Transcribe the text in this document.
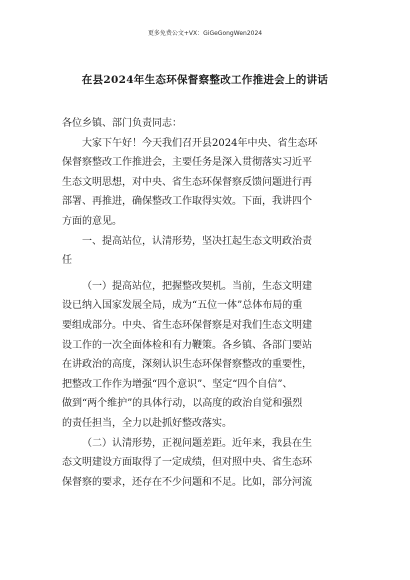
更多免费公文+VX：GiGeGongWen2024
在县2024年生态环保督察整改工作推进会上的讲话
各位乡镇、部门负责同志：
大家下午好！今天我们召开县2024年中央、省生态环
保督察整改工作推进会，主要任务是深入贯彻落实习近平
生态文明思想，对中央、省生态环保督察反馈问题进行再
部署、再推进，确保整改工作取得实效。下面，我讲四个
方面的意见。
一、提高站位，认清形势，坚决扛起生态文明政治责
任
（一）提高站位，把握整改契机。当前，生态文明建
设已纳入国家发展全局，成为“五位一体”总体布局的重
要组成部分。中央、省生态环保督察是对我们生态文明建
设工作的一次全面体检和有力鞭策。各乡镇、各部门要站
在讲政治的高度，深刻认识生态环保督察整改的重要性，
把整改工作作为增强“四个意识”、坚定“四个自信”、
做到“两个维护”的具体行动，以高度的政治自觉和强烈
的责任担当，全力以赴抓好整改落实。
（二）认清形势，正视问题差距。近年来，我县在生
态文明建设方面取得了一定成绩，但对照中央、省生态环
保督察的要求，还存在不少问题和不足。比如，部分河流
